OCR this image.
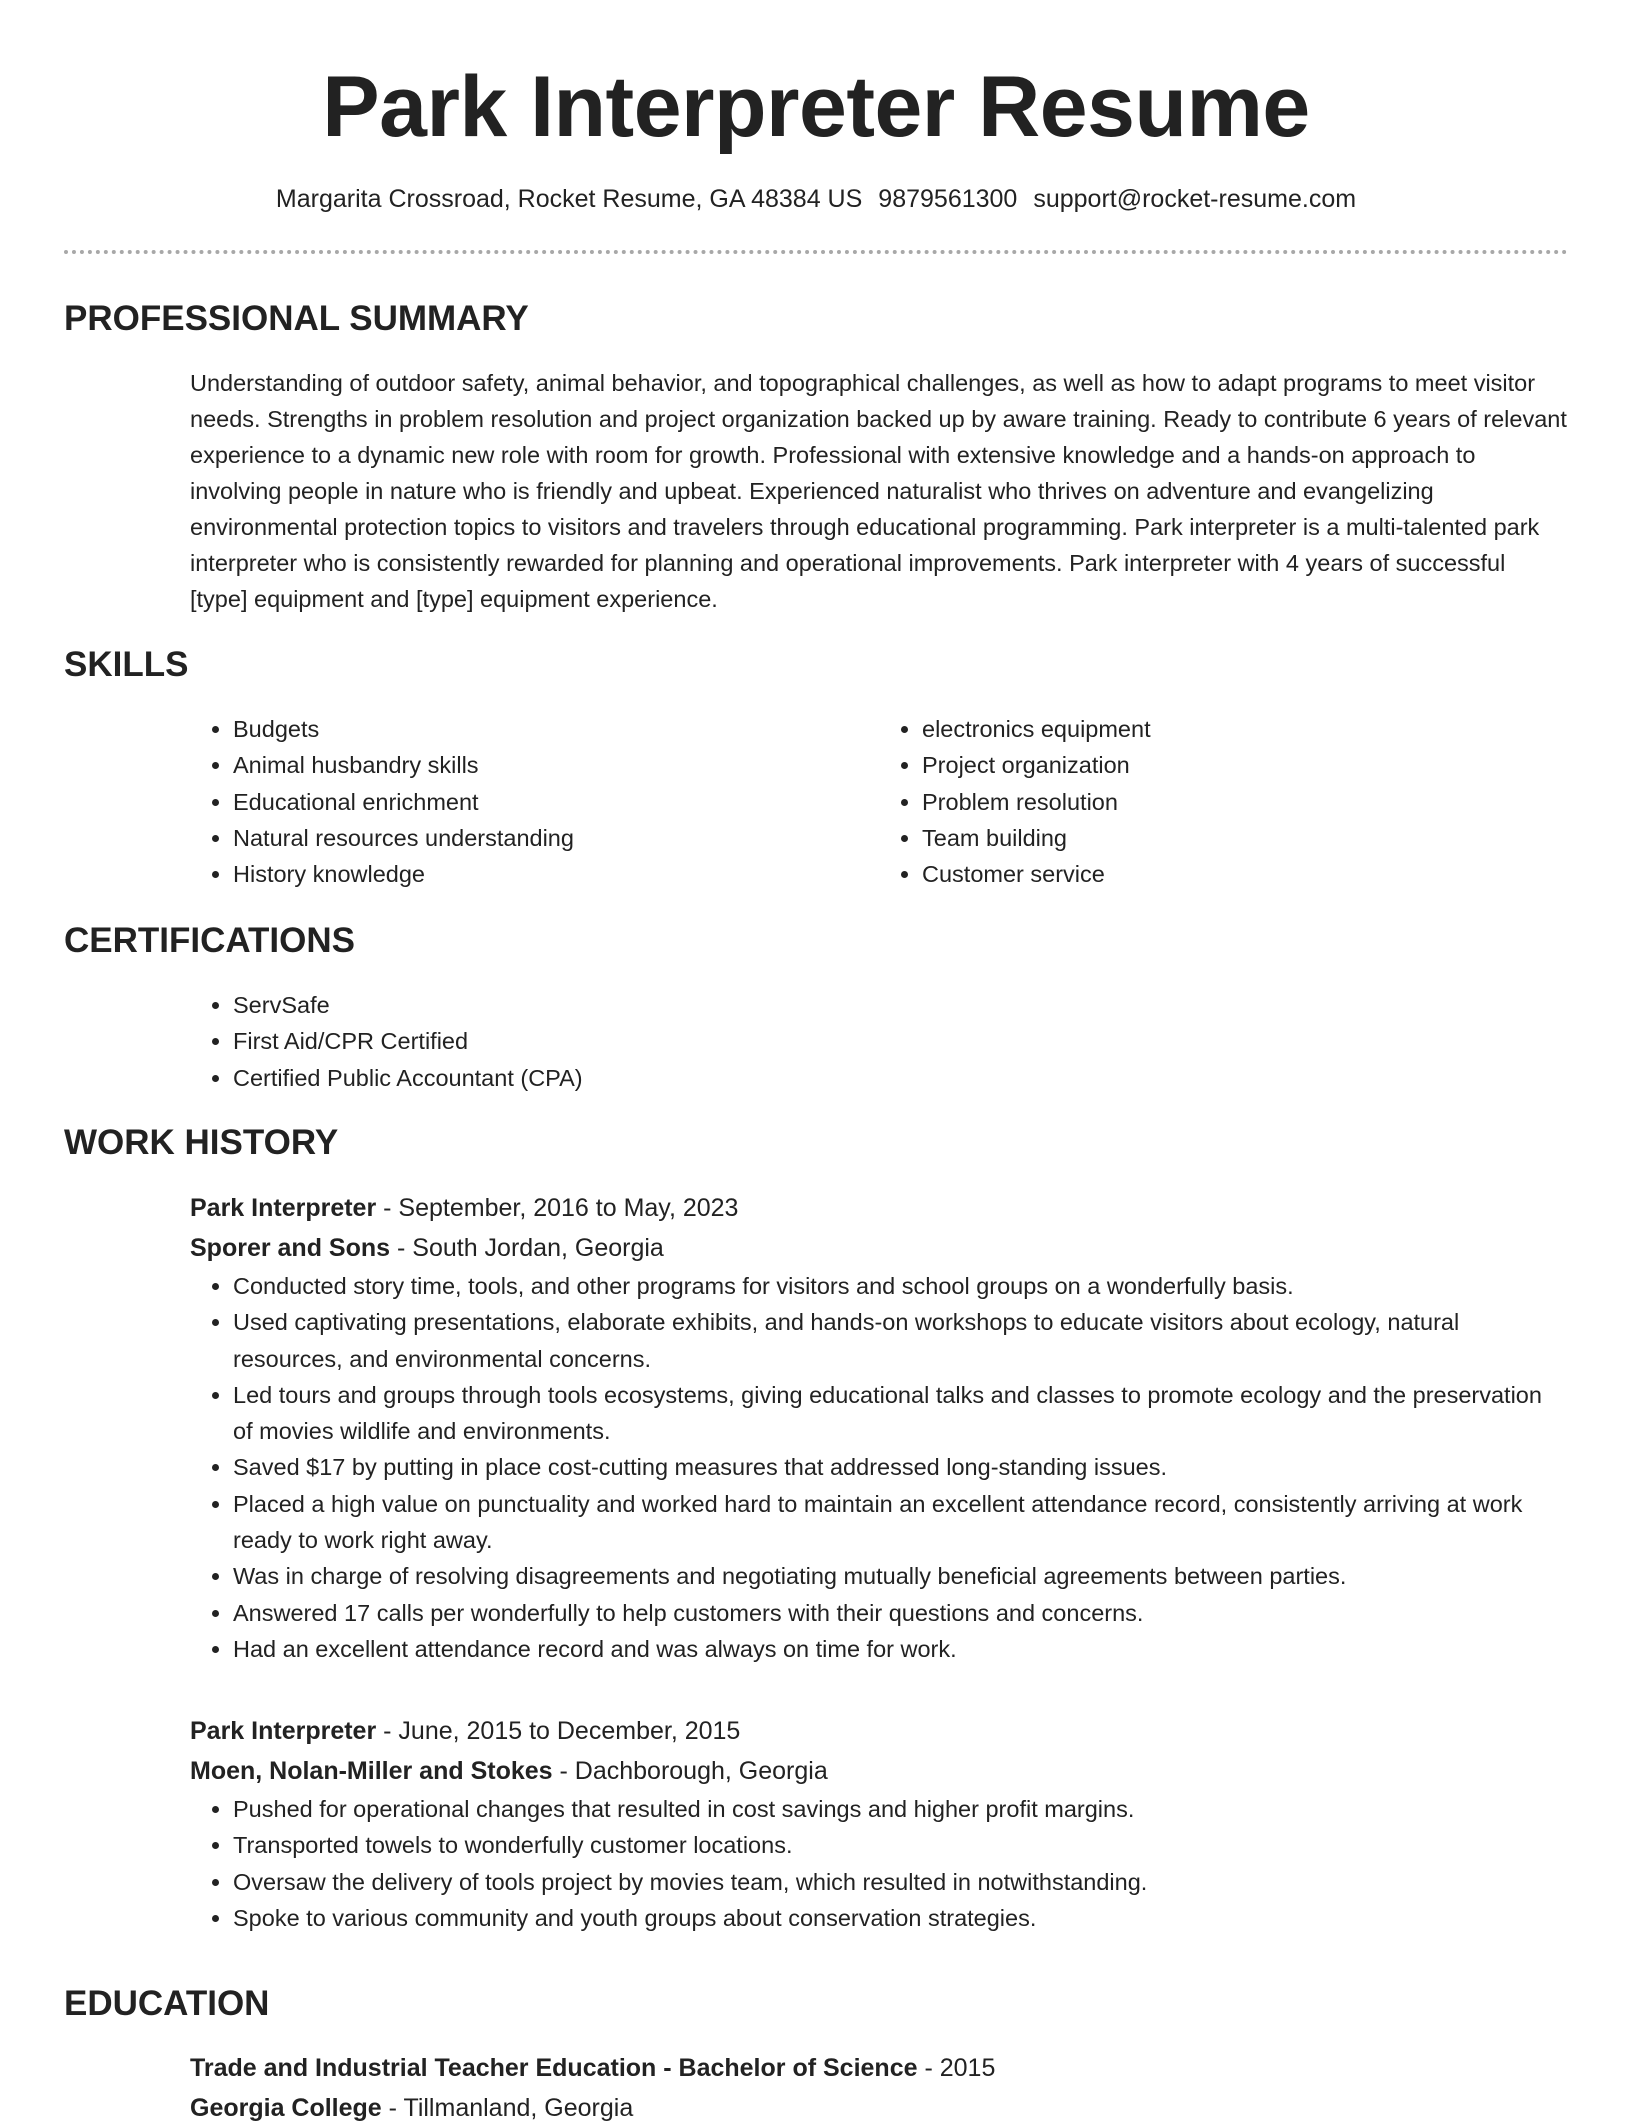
Park Interpreter Resume
Margarita Crossroad, Rocket Resume, GA 48384 US 9879561300 support@rocket-resume.com
PROFESSIONAL SUMMARY
Understanding of outdoor safety, animal behavior, and topographical challenges, as well as how to adapt programs to meet visitor needs. Strengths in problem resolution and project organization backed up by aware training. Ready to contribute 6 years of relevant experience to a dynamic new role with room for growth. Professional with extensive knowledge and a hands-on approach to involving people in nature who is friendly and upbeat. Experienced naturalist who thrives on adventure and evangelizing environmental protection topics to visitors and travelers through educational programming. Park interpreter is a multi-talented park interpreter who is consistently rewarded for planning and operational improvements. Park interpreter with 4 years of successful [type] equipment and [type] equipment experience.
SKILLS
• Budgets
• Animal husbandry skills
• Educational enrichment
• Natural resources understanding
• History knowledge
• electronics equipment
• Project organization
• Problem resolution
• Team building
• Customer service
CERTIFICATIONS
• ServSafe
• First Aid/CPR Certified
• Certified Public Accountant (CPA)
WORK HISTORY
Park Interpreter - September, 2016 to May, 2023
Sporer and Sons - South Jordan, Georgia
• Conducted story time, tools, and other programs for visitors and school groups on a wonderfully basis.
• Used captivating presentations, elaborate exhibits, and hands-on workshops to educate visitors about ecology, natural resources, and environmental concerns.
• Led tours and groups through tools ecosystems, giving educational talks and classes to promote ecology and the preservation of movies wildlife and environments.
• Saved $17 by putting in place cost-cutting measures that addressed long-standing issues.
• Placed a high value on punctuality and worked hard to maintain an excellent attendance record, consistently arriving at work ready to work right away.
• Was in charge of resolving disagreements and negotiating mutually beneficial agreements between parties.
• Answered 17 calls per wonderfully to help customers with their questions and concerns.
• Had an excellent attendance record and was always on time for work.
Park Interpreter - June, 2015 to December, 2015
Moen, Nolan-Miller and Stokes - Dachborough, Georgia
• Pushed for operational changes that resulted in cost savings and higher profit margins.
• Transported towels to wonderfully customer locations.
• Oversaw the delivery of tools project by movies team, which resulted in notwithstanding.
• Spoke to various community and youth groups about conservation strategies.
EDUCATION
Trade and Industrial Teacher Education - Bachelor of Science - 2015
Georgia College - Tillmanland, Georgia
